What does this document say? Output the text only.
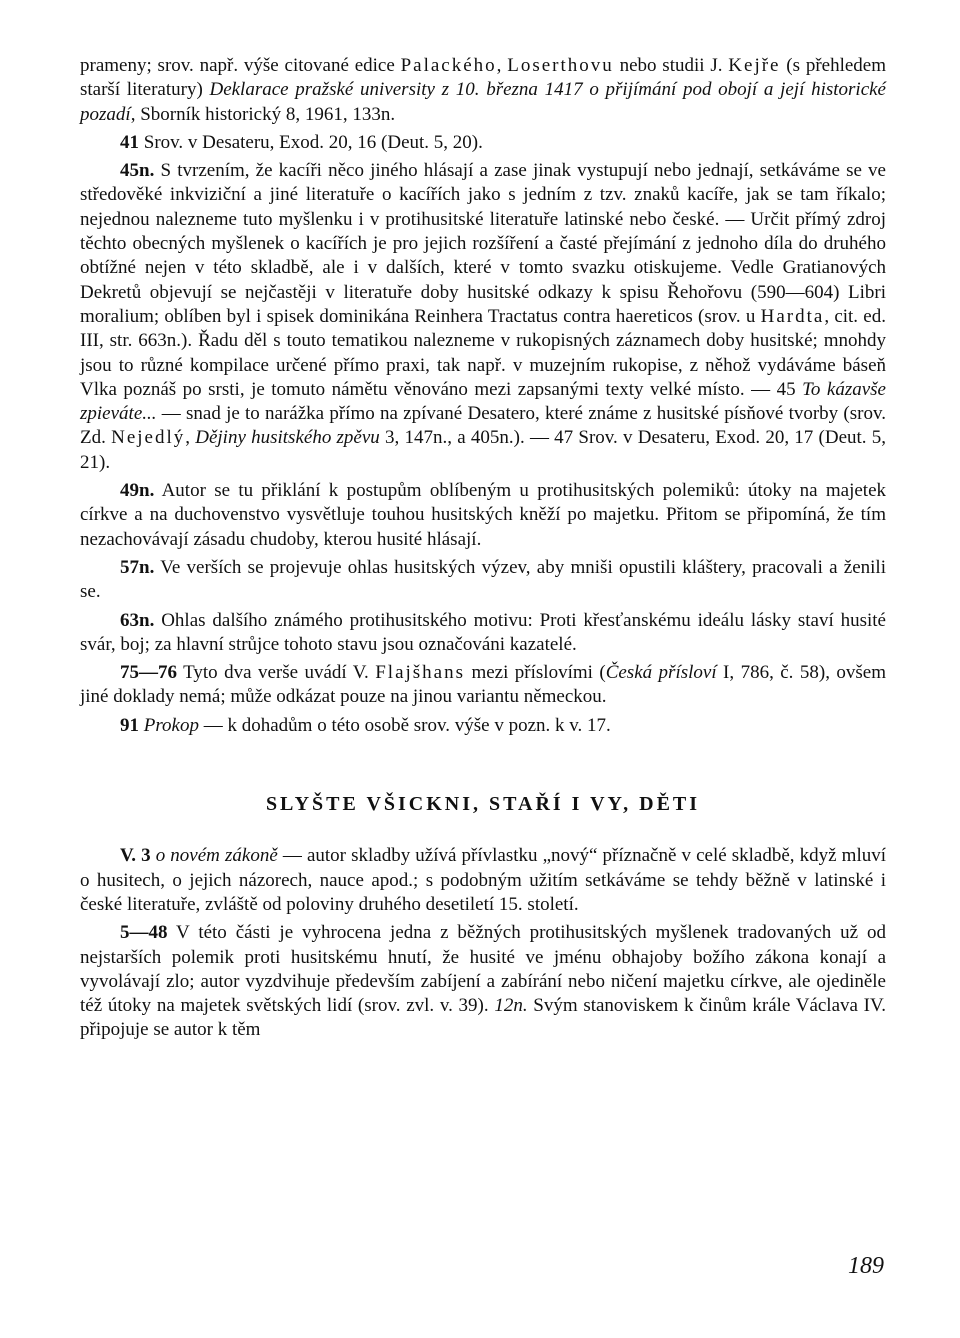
prameny; srov. např. výše citované edice Palackého, Loserthovu nebo studii J. Kejře (s přehledem starší literatury) Deklarace pražské university z 10. března 1417 o přijímání pod obojí a její historické pozadí, Sborník historický 8, 1961, 133n.

41 Srov. v Desateru, Exod. 20, 16 (Deut. 5, 20).

45n. S tvrzením, že kacíři něco jiného hlásají a zase jinak vystupují nebo jednají, setkáváme se ve středověké inkviziční a jiné literatuře o kacířích jako s jedním z tzv. znaků kacíře, jak se tam říkalo; nejednou nalezneme tuto myšlenku i v protihusitské literatuře latinské nebo české. — Určit přímý zdroj těchto obecných myšlenek o kacířích je pro jejich rozšíření a časté přejímání z jednoho díla do druhého obtížné nejen v této skladbě, ale i v dalších, které v tomto svazku otiskujeme. Vedle Gratianových Dekretů objevují se nejčastěji v literatuře doby husitské odkazy k spisu Řehořovu (590—604) Libri moralium; oblíben byl i spisek dominikána Reinhera Tractatus contra haereticos (srov. u Hardta, cit. ed. III, str. 663n.). Řadu děl s touto tematikou nalezneme v rukopisných záznamech doby husitské; mnohdy jsou to různé kompilace určené přímo praxi, tak např. v muzejním rukopise, z něhož vydáváme báseň Vlka poznáš po srsti, je tomuto námětu věnováno mezi zapsanými texty velké místo. — 45 To kázavše zpieváte... — snad je to narážka přímo na zpívané Desatero, které známe z husitské písňové tvorby (srov. Zd. Nejedlý, Dějiny husitského zpěvu 3, 147n., a 405n.). — 47 Srov. v Desateru, Exod. 20, 17 (Deut. 5, 21).

49n. Autor se tu přiklání k postupům oblíbeným u protihusitských polemiků: útoky na majetek církve a na duchovenstvo vysvětluje touhou husitských kněží po majetku. Přitom se připomíná, že tím nezachovávají zásadu chudoby, kterou husité hlásají.

57n. Ve verších se projevuje ohlas husitských výzev, aby mniši opustili kláštery, pracovali a ženili se.

63n. Ohlas dalšího známého protihusitského motivu: Proti křesťanskému ideálu lásky staví husité svár, boj; za hlavní strůjce tohoto stavu jsou označováni kazatelé.

75—76 Tyto dva verše uvádí V. Flajšhans mezi příslovími (Česká přísloví I, 786, č. 58), ovšem jiné doklady nemá; může odkázat pouze na jinou variantu německou.

91 Prokop — k dohadům o této osobě srov. výše v pozn. k v. 17.

SLYŠTE VŠICKNI, STAŘÍ I VY, DĚTI

V. 3 o novém zákoně — autor skladby užívá přívlastku „nový“ příznačně v celé skladbě, když mluví o husitech, o jejich názorech, nauce apod.; s podobným užitím setkáváme se tehdy běžně v latinské i české literatuře, zvláště od poloviny druhého desetiletí 15. století.

5—48 V této části je vyhrocena jedna z běžných protihusitských myšlenek tradovaných už od nejstarších polemik proti husitskému hnutí, že husité ve jménu obhajoby božího zákona konají a vyvolávají zlo; autor vyzdvihuje především zabíjení a zabírání nebo ničení majetku církve, ale ojediněle též útoky na majetek světských lidí (srov. zvl. v. 39). 12n. Svým stanoviskem k činům krále Václava IV. připojuje se autor k těm

189
